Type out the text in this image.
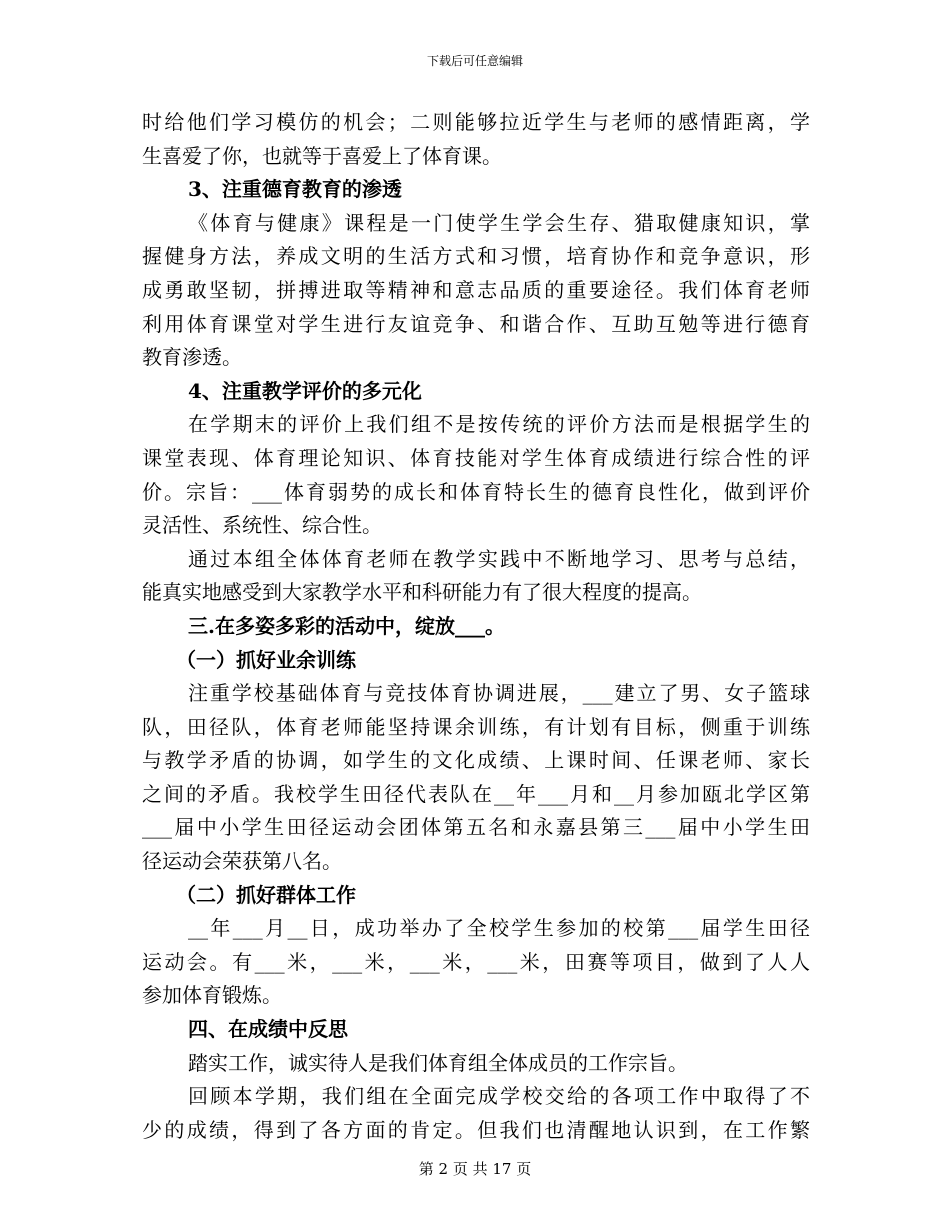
下载后可任意编辑
时给他们学习模仿的机会；二则能够拉近学生与老师的感情距离，学
生喜爱了你，也就等于喜爱上了体育课。
3、注重德育教育的渗透
《体育与健康》课程是一门使学生学会生存、猎取健康知识，掌
握健身方法，养成文明的生活方式和习惯，培育协作和竞争意识，形
成勇敢坚韧，拼搏进取等精神和意志品质的重要途径。我们体育老师
利用体育课堂对学生进行友谊竞争、和谐合作、互助互勉等进行德育
教育渗透。
4、注重教学评价的多元化
在学期末的评价上我们组不是按传统的评价方法而是根据学生的
课堂表现、体育理论知识、体育技能对学生体育成绩进行综合性的评
价。宗旨：___体育弱势的成长和体育特长生的德育良性化，做到评价
灵活性、系统性、综合性。
通过本组全体体育老师在教学实践中不断地学习、思考与总结，
能真实地感受到大家教学水平和科研能力有了很大程度的提高。
三.在多姿多彩的活动中，绽放___。
（一）抓好业余训练
注重学校基础体育与竞技体育协调进展，___建立了男、女子篮球
队，田径队，体育老师能坚持课余训练，有计划有目标，侧重于训练
与教学矛盾的协调，如学生的文化成绩、上课时间、任课老师、家长
之间的矛盾。我校学生田径代表队在__年___月和__月参加瓯北学区第
___届中小学生田径运动会团体第五名和永嘉县第三___届中小学生田
径运动会荣获第八名。
（二）抓好群体工作
__年___月__日，成功举办了全校学生参加的校第___届学生田径
运动会。有___米，___米，___米，___米，田赛等项目，做到了人人
参加体育锻炼。
四、在成绩中反思
踏实工作，诚实待人是我们体育组全体成员的工作宗旨。
回顾本学期，我们组在全面完成学校交给的各项工作中取得了不
少的成绩，得到了各方面的肯定。但我们也清醒地认识到，在工作繁
第 2 页 共 17 页
